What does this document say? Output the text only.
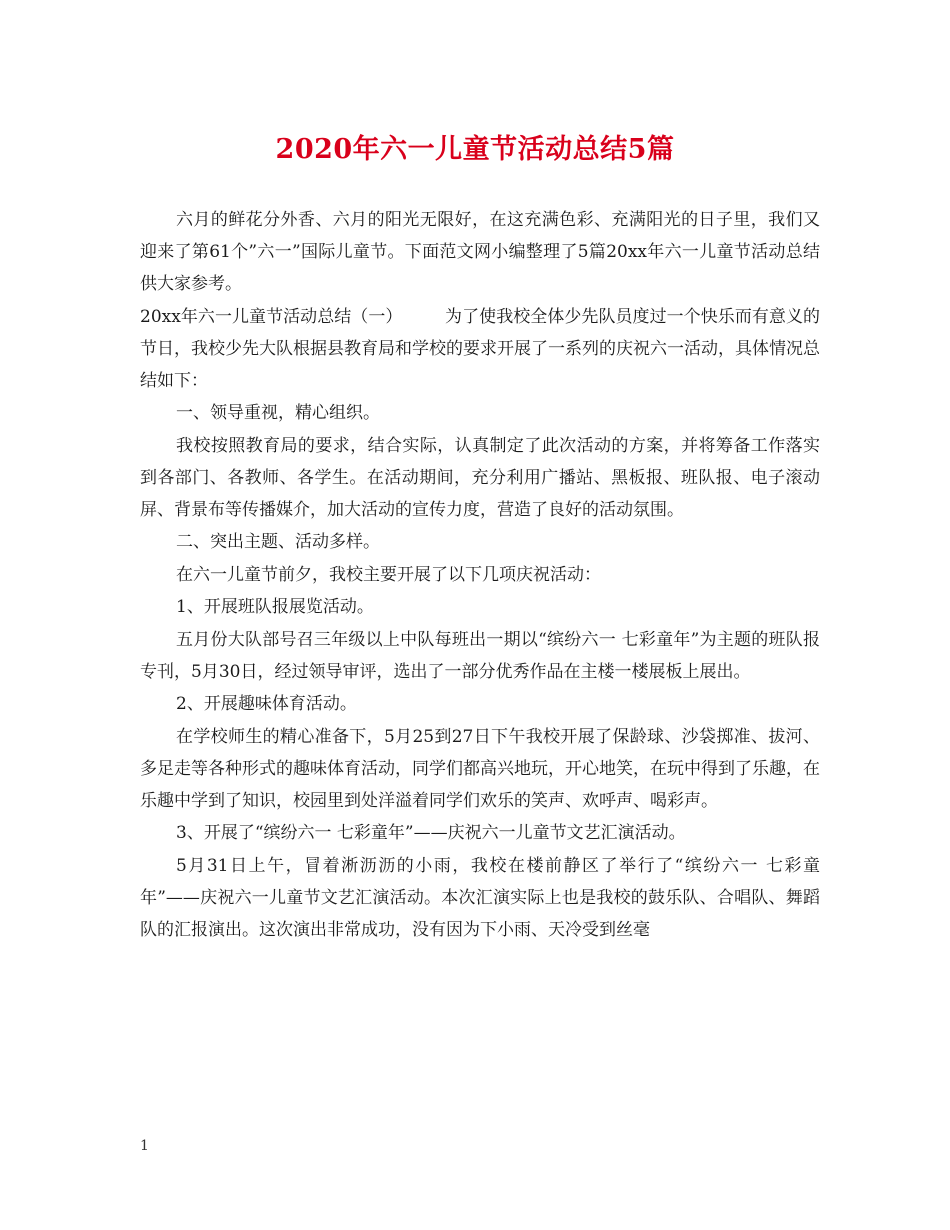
2020年六一儿童节活动总结5篇

六月的鲜花分外香、六月的阳光无限好，在这充满色彩、充满阳光的日子里，我们又迎来了第61个”六一”国际儿童节。下面范文网小编整理了5篇20xx年六一儿童节活动总结供大家参考。

20xx年六一儿童节活动总结（一）　　　为了使我校全体少先队员度过一个快乐而有意义的节日，我校少先大队根据县教育局和学校的要求开展了一系列的庆祝六一活动，具体情况总结如下：

一、领导重视，精心组织。

我校按照教育局的要求，结合实际，认真制定了此次活动的方案，并将筹备工作落实到各部门、各教师、各学生。在活动期间，充分利用广播站、黑板报、班队报、电子滚动屏、背景布等传播媒介，加大活动的宣传力度，营造了良好的活动氛围。

二、突出主题、活动多样。

在六一儿童节前夕，我校主要开展了以下几项庆祝活动：

1、开展班队报展览活动。

五月份大队部号召三年级以上中队每班出一期以“缤纷六一 七彩童年”为主题的班队报专刊，5月30日，经过领导审评，选出了一部分优秀作品在主楼一楼展板上展出。

2、开展趣味体育活动。

在学校师生的精心准备下，5月25到27日下午我校开展了保龄球、沙袋掷准、拔河、多足走等各种形式的趣味体育活动，同学们都高兴地玩，开心地笑，在玩中得到了乐趣，在乐趣中学到了知识，校园里到处洋溢着同学们欢乐的笑声、欢呼声、喝彩声。

3、开展了“缤纷六一 七彩童年”——庆祝六一儿童节文艺汇演活动。

5月31日上午，冒着淅沥沥的小雨，我校在楼前静区了举行了“缤纷六一 七彩童年”——庆祝六一儿童节文艺汇演活动。本次汇演实际上也是我校的鼓乐队、合唱队、舞蹈队的汇报演出。这次演出非常成功，没有因为下小雨、天冷受到丝毫

1
